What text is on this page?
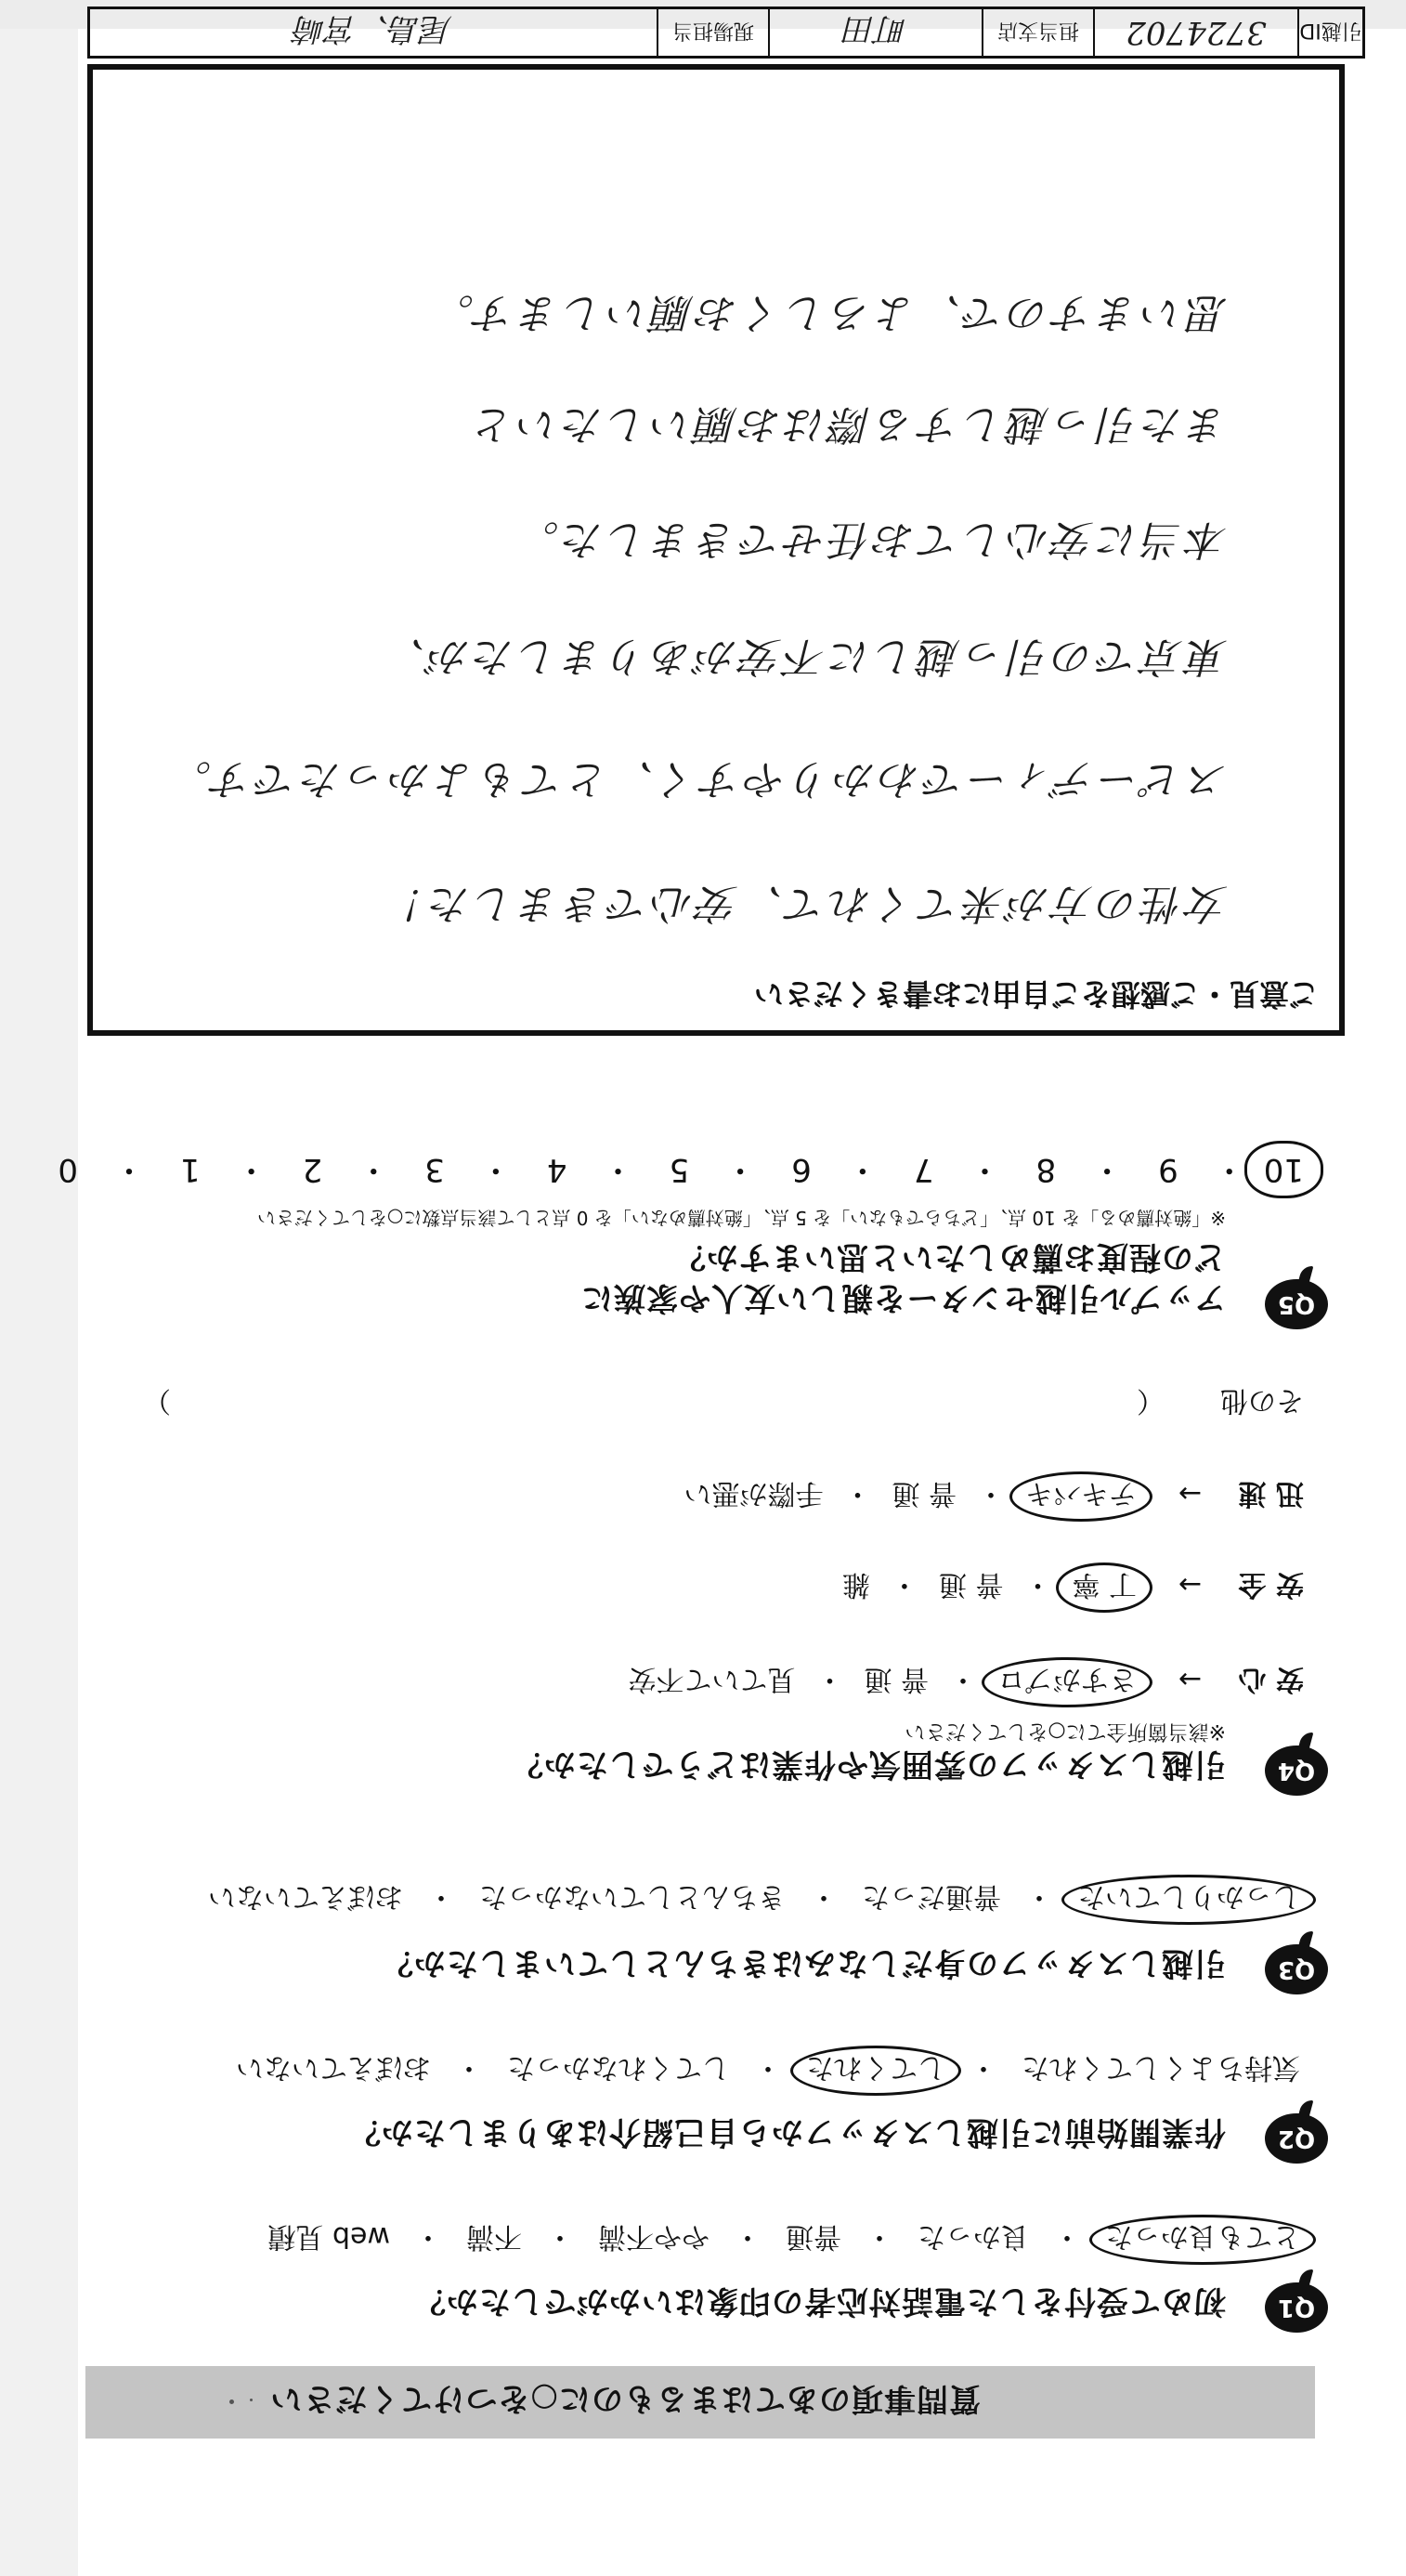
質問事項のあてはまるものに○をつけてください
Q1
初めて受付をした電話対応者の印象はいかがでしたか？
とても良かった・良かった・普通・やや不満・不満・web 見積
Q2
作業開始前に引越しスタッフから自己紹介はありましたか？
気持ちよくしてくれた・してくれた・してくれなかった・おぼえていない
Q3
引越しスタッフの身だしなみはきちんとしていましたか？
しっかりしていた・普通だった・きちんとしていなかった・おぼえていない
Q4
引越しスタッフの雰囲気や作業はどうでしたか？
※該当箇所全てに○をしてください
安 心→さすがプロ・普 通・見ていて不安
安 全→丁 寧・普 通・雑
迅 速→テキパキ・普 通・手際が悪い
その他（）
Q5
アップル引越センターを親しい友人や家族に
どの程度お薦めしたいと思いますか？
※「絶対薦める」を 10 点、「どちらでもない」を 5 点、「絶対薦めない」を 0 点として該当点数に○をしてください
10・9・8・7・6・5・4・3・2・1・0
ご意見・ご感想をご自由にお書きください
女性の方が来てくれて、安心できました！
スピーディーでわかりやすく、とてもよかったです。
東京での引っ越しに不安がありましたが、
本当に安心してお任せできました。
また引っ越しする際はお願いしたいと
思いますので、よろしくお願いします。
引越ID
3724702
担当支店
町田
現場担当
尾島、宮崎
